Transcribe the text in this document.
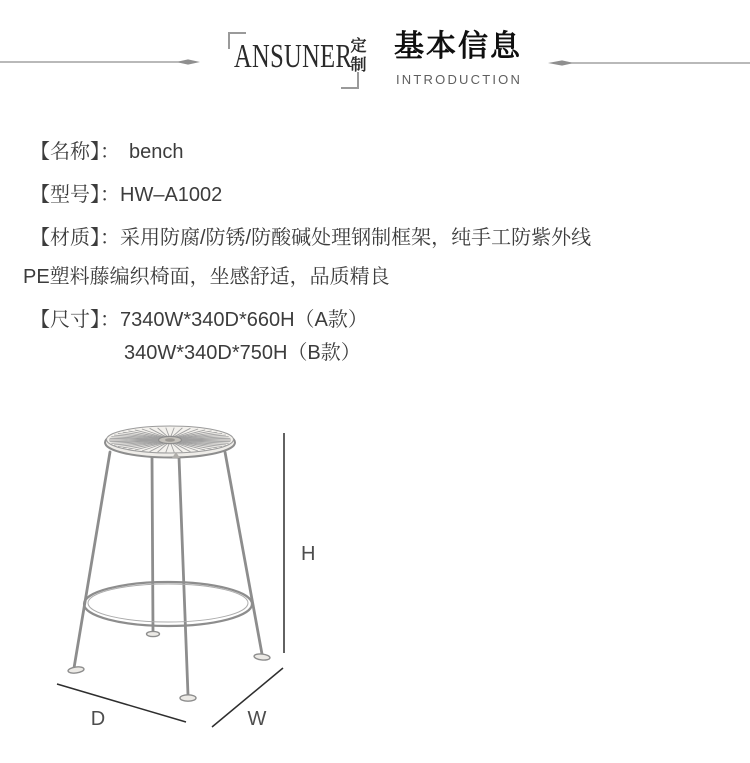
ANSUNER
定制 基本信息
INTRODUCTION
【名称】： bench
【型号】：HW–A1002
【材质】：采用防腐/防锈/防酸碱处理钢制框架，纯手工防紫外线
PE塑料藤编织椅面，坐感舒适，品质精良
【尺寸】：7340W*340D*660H（A款）
340W*340D*750H（B款）
H
D	W
